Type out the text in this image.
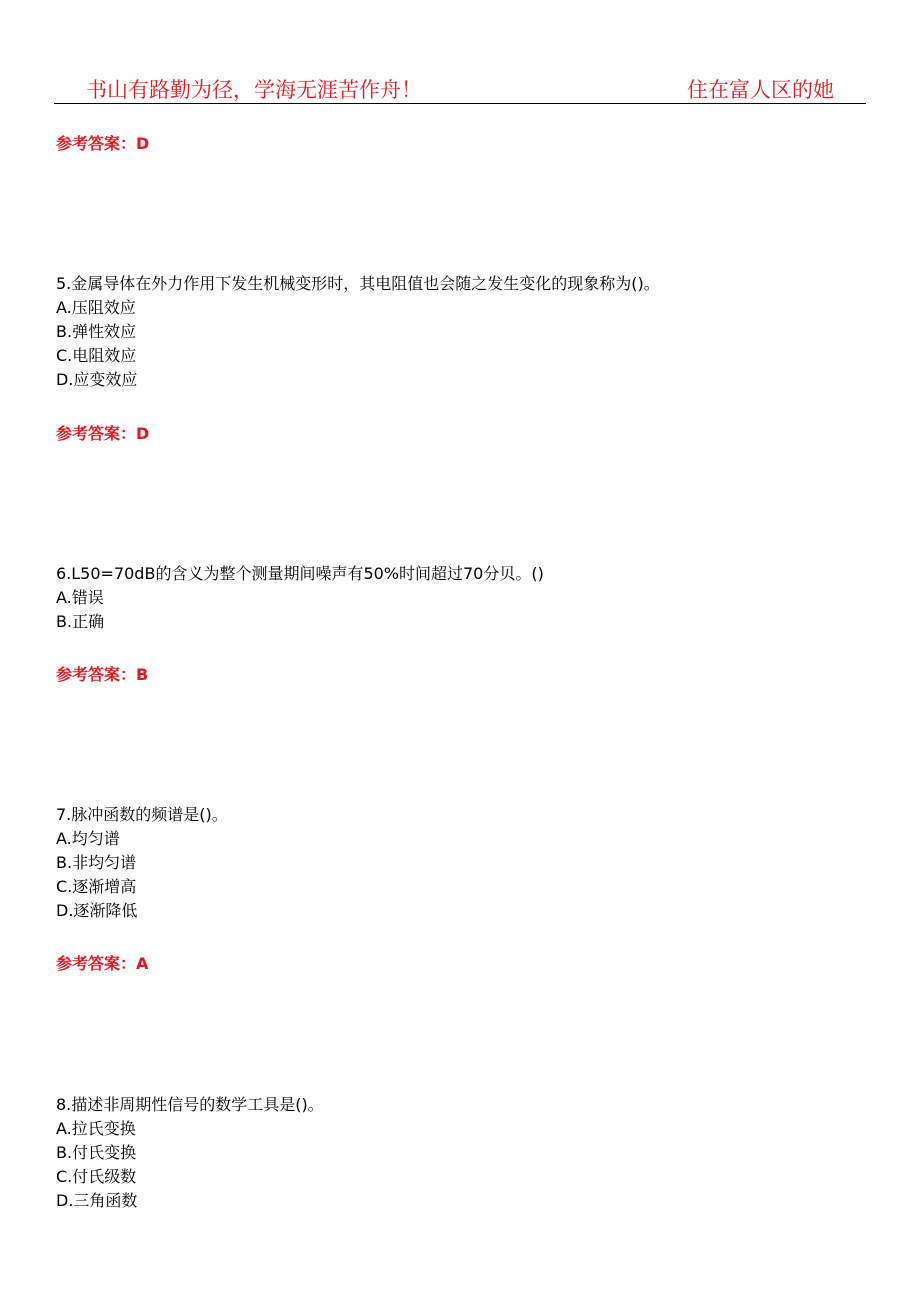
书山有路勤为径，学海无涯苦作舟！	住在富人区的她
参考答案：D
5.金属导体在外力作用下发生机械变形时，其电阻值也会随之发生变化的现象称为()。
A.压阻效应
B.弹性效应
C.电阻效应
D.应变效应
参考答案：D
6.L50=70dB的含义为整个测量期间噪声有50%时间超过70分贝。()
A.错误
B.正确
参考答案：B
7.脉冲函数的频谱是()。
A.均匀谱
B.非均匀谱
C.逐渐增高
D.逐渐降低
参考答案：A
8.描述非周期性信号的数学工具是()。
A.拉氏变换
B.付氏变换
C.付氏级数
D.三角函数
